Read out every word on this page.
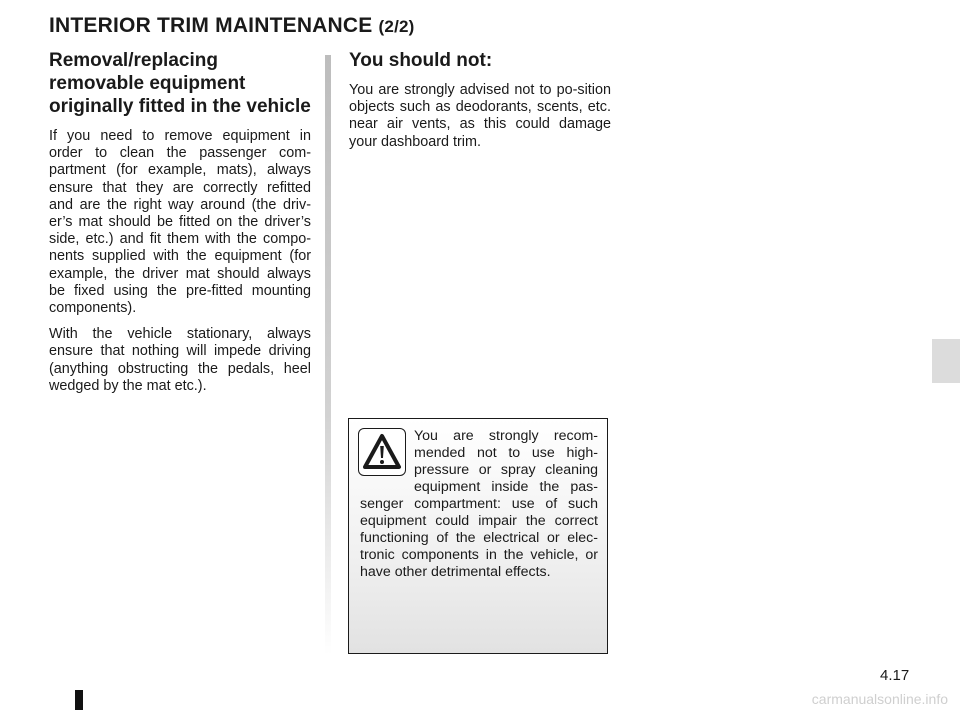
INTERIOR TRIM MAINTENANCE (2/2)
Removal/replacing removable equipment originally fitted in the vehicle

If you need to remove equipment in order to clean the passenger com-partment (for example, mats), always ensure that they are correctly refitted and are the right way around (the driv-er’s mat should be fitted on the driver’s side, etc.) and fit them with the compo-nents supplied with the equipment (for example, the driver mat should always be fixed using the pre-fitted mounting components).

With the vehicle stationary, always ensure that nothing will impede driving (anything obstructing the pedals, heel wedged by the mat etc.).

You should not:

You are strongly advised not to po-sition objects such as deodorants, scents, etc. near air vents, as this could damage your dashboard trim.

You are strongly recom-mended not to use high-pressure or spray cleaning equipment inside the pas-senger compartment: use of such equipment could impair the correct functioning of the electrical or elec-tronic components in the vehicle, or have other detrimental effects.

4.17
carmanualsonline.info
